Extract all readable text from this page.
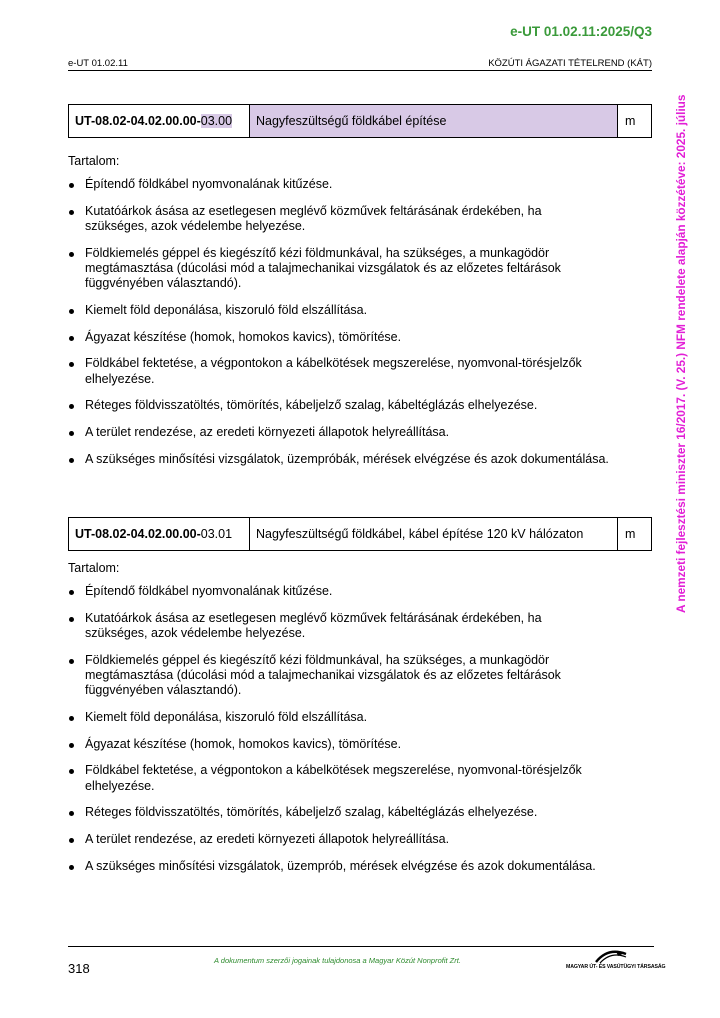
e-UT 01.02.11:2025/Q3
e-UT 01.02.11	KÖZÚTI ÁGAZATI TÉTELREND (KÁT)
A nemzeti fejlesztési miniszter 16/2017. (V. 25.) NFM rendelete alapján közzétéve: 2025. július
UT-08.02-04.02.00.00-03.00	Nagyfeszültségű földkábel építése	m

Tartalom:

Építendő földkábel nyomvonalának kitűzése.
Kutatóárkok ásása az esetlegesen meglévő közművek feltárásának érdekében, ha szükséges, azok védelembe helyezése.
Földkiemelés géppel és kiegészítő kézi földmunkával, ha szükséges, a munkagödör megtámasztása (dúcolási mód a talajmechanikai vizsgálatok és az előzetes feltárások függvényében választandó).
Kiemelt föld deponálása, kiszoruló föld elszállítása.
Ágyazat készítése (homok, homokos kavics), tömörítése.
Földkábel fektetése, a végpontokon a kábelkötések megszerelése, nyomvonal-törésjelzők elhelyezése.
Réteges földvisszatöltés, tömörítés, kábeljelző szalag, kábeltéglázás elhelyezése.
A terület rendezése, az eredeti környezeti állapotok helyreállítása.
A szükséges minősítési vizsgálatok, üzempróbák, mérések elvégzése és azok dokumentálása.
UT-08.02-04.02.00.00-03.01	Nagyfeszültségű földkábel, kábel építése 120 kV hálózaton	m

Tartalom:

Építendő földkábel nyomvonalának kitűzése.
Kutatóárkok ásása az esetlegesen meglévő közművek feltárásának érdekében, ha szükséges, azok védelembe helyezése.
Földkiemelés géppel és kiegészítő kézi földmunkával, ha szükséges, a munkagödör megtámasztása (dúcolási mód a talajmechanikai vizsgálatok és az előzetes feltárások függvényében választandó).
Kiemelt föld deponálása, kiszoruló föld elszállítása.
Ágyazat készítése (homok, homokos kavics), tömörítése.
Földkábel fektetése, a végpontokon a kábelkötések megszerelése, nyomvonal-törésjelzők elhelyezése.
Réteges földvisszatöltés, tömörítés, kábeljelző szalag, kábeltéglázás elhelyezése.
A terület rendezése, az eredeti környezeti állapotok helyreállítása.
A szükséges minősítési vizsgálatok, üzemprób, mérések elvégzése és azok dokumentálása.
318
A dokumentum szerzői jogainak tulajdonosa a Magyar Közút Nonprofit Zrt.
MAGYAR ÚT- ÉS VASÚTÜGYI TÁRSASÁG
